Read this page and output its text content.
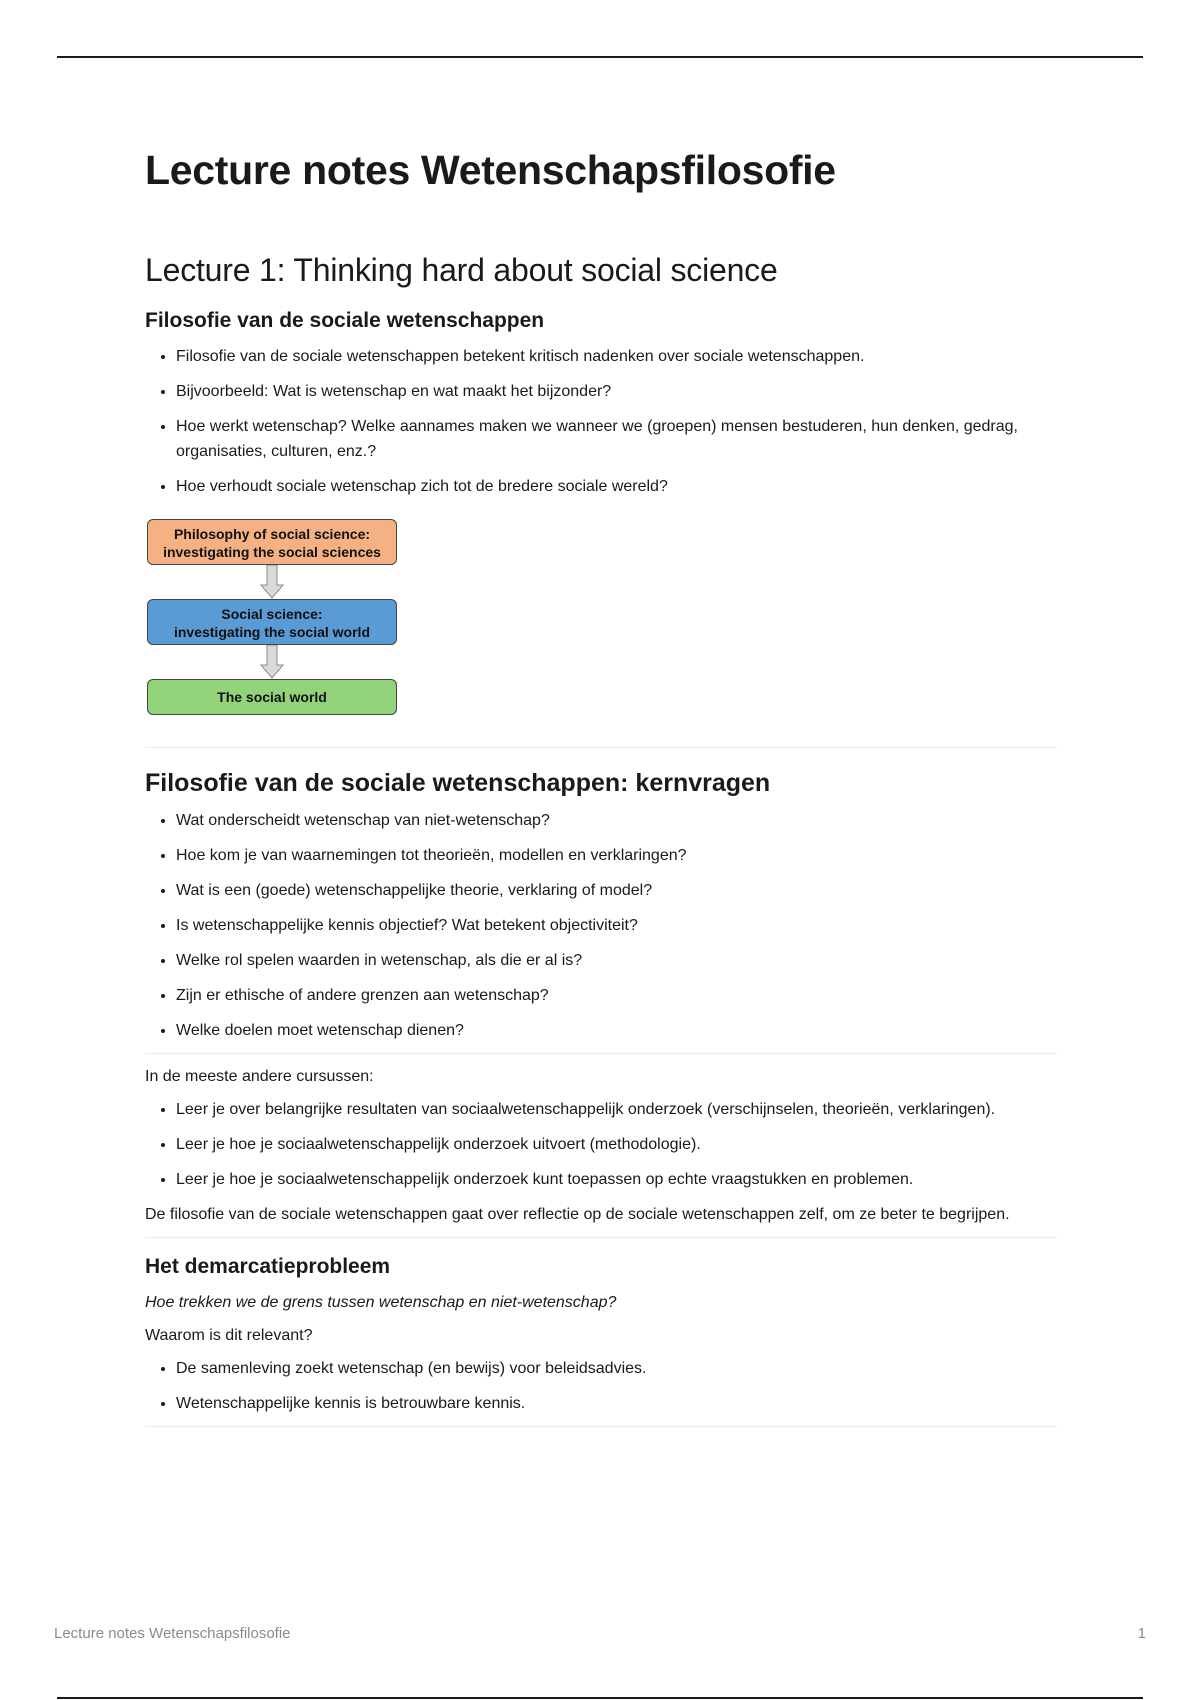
Lecture notes Wetenschapsfilosofie
Lecture 1: Thinking hard about social science
Filosofie van de sociale wetenschappen
• Filosofie van de sociale wetenschappen betekent kritisch nadenken over sociale wetenschappen.
• Bijvoorbeeld: Wat is wetenschap en wat maakt het bijzonder?
• Hoe werkt wetenschap? Welke aannames maken we wanneer we (groepen) mensen bestuderen, hun denken, gedrag, organisaties, culturen, enz.?
• Hoe verhoudt sociale wetenschap zich tot de bredere sociale wereld?
Philosophy of social science:
investigating the social sciences
Social science:
investigating the social world
The social world
Filosofie van de sociale wetenschappen: kernvragen
• Wat onderscheidt wetenschap van niet-wetenschap?
• Hoe kom je van waarnemingen tot theorieën, modellen en verklaringen?
• Wat is een (goede) wetenschappelijke theorie, verklaring of model?
• Is wetenschappelijke kennis objectief? Wat betekent objectiviteit?
• Welke rol spelen waarden in wetenschap, als die er al is?
• Zijn er ethische of andere grenzen aan wetenschap?
• Welke doelen moet wetenschap dienen?

In de meeste andere cursussen:

• Leer je over belangrijke resultaten van sociaalwetenschappelijk onderzoek (verschijnselen, theorieën, verklaringen).
• Leer je hoe je sociaalwetenschappelijk onderzoek uitvoert (methodologie).
• Leer je hoe je sociaalwetenschappelijk onderzoek kunt toepassen op echte vraagstukken en problemen.

De filosofie van de sociale wetenschappen gaat over reflectie op de sociale wetenschappen zelf, om ze beter te begrijpen.

Het demarcatieprobleem

Hoe trekken we de grens tussen wetenschap en niet-wetenschap?

Waarom is dit relevant?

• De samenleving zoekt wetenschap (en bewijs) voor beleidsadvies.
• Wetenschappelijke kennis is betrouwbare kennis.
Lecture notes Wetenschapsfilosofie	1
